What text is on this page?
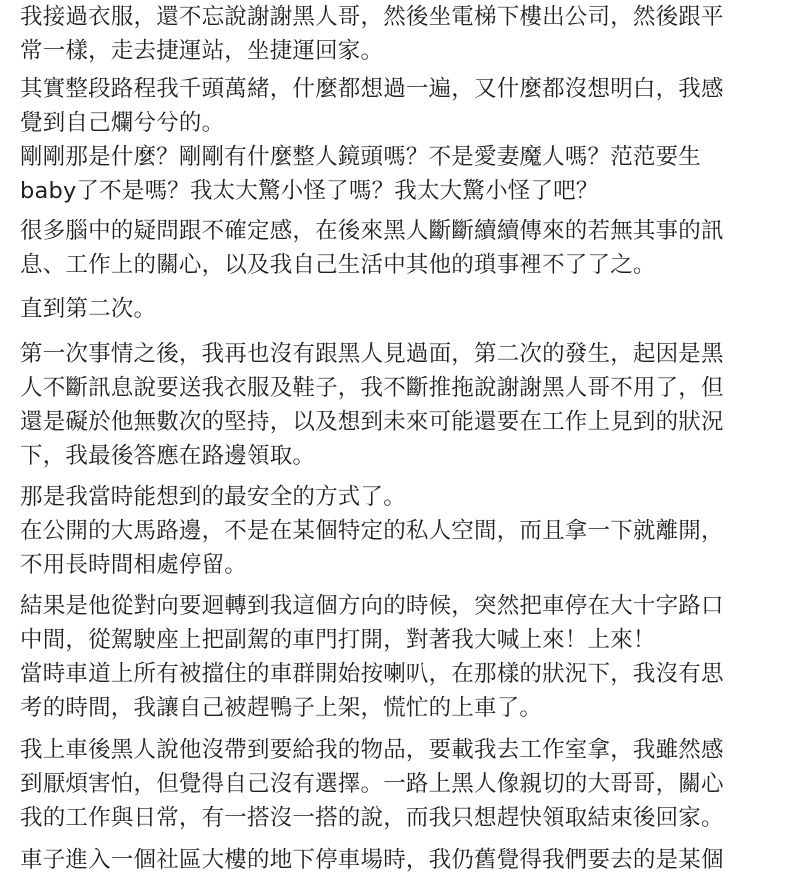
我接過衣服，還不忘說謝謝黑人哥，然後坐電梯下樓出公司，然後跟平
常一樣，走去捷運站，坐捷運回家。
其實整段路程我千頭萬緒，什麼都想過一遍，又什麼都沒想明白，我感
覺到自己爛兮兮的。
剛剛那是什麼？剛剛有什麼整人鏡頭嗎？不是愛妻魔人嗎？范范要生
baby了不是嗎？我太大驚小怪了嗎？我太大驚小怪了吧？
很多腦中的疑問跟不確定感，在後來黑人斷斷續續傳來的若無其事的訊
息、工作上的關心，以及我自己生活中其他的瑣事裡不了了之。
直到第二次。
第一次事情之後，我再也沒有跟黑人見過面，第二次的發生，起因是黑
人不斷訊息說要送我衣服及鞋子，我不斷推拖說謝謝黑人哥不用了，但
還是礙於他無數次的堅持，以及想到未來可能還要在工作上見到的狀況
下，我最後答應在路邊領取。
那是我當時能想到的最安全的方式了。
在公開的大馬路邊，不是在某個特定的私人空間，而且拿一下就離開，
不用長時間相處停留。
結果是他從對向要迴轉到我這個方向的時候，突然把車停在大十字路口
中間，從駕駛座上把副駕的車門打開，對著我大喊上來！上來！
當時車道上所有被擋住的車群開始按喇叭，在那樣的狀況下，我沒有思
考的時間，我讓自己被趕鴨子上架，慌忙的上車了。
我上車後黑人說他沒帶到要給我的物品，要載我去工作室拿，我雖然感
到厭煩害怕，但覺得自己沒有選擇。一路上黑人像親切的大哥哥，關心
我的工作與日常，有一搭沒一搭的說，而我只想趕快領取結束後回家。
車子進入一個社區大樓的地下停車場時，我仍舊覺得我們要去的是某個
